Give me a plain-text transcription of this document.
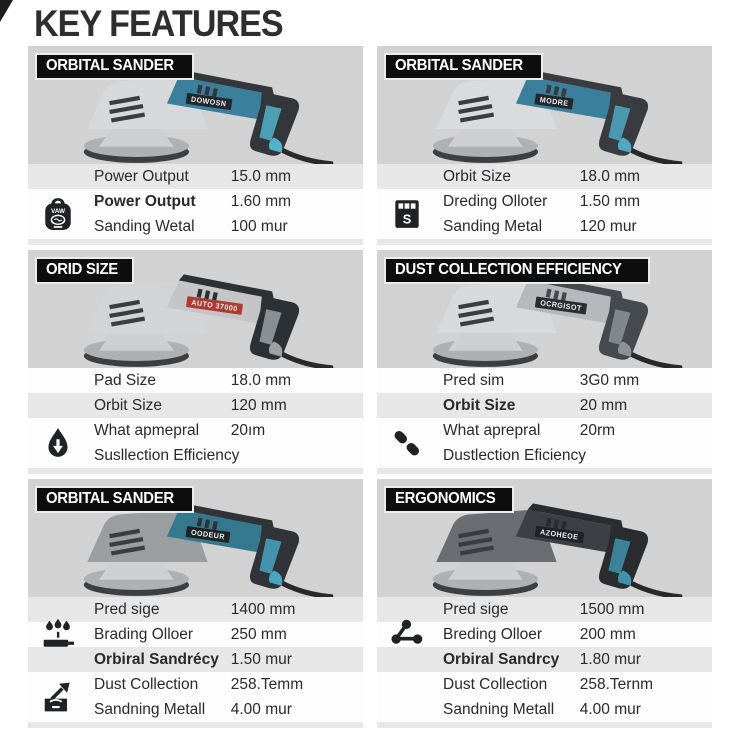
KEY FEATURES
ORBITAL SANDER
DOWOSN
Power Output	15.0 mm
Power Output	1.60 mm
Sanding Wetal	100 mur
ORBITAL SANDER
MODRE
Orbit Size	18.0 mm
Dreding Olloter	1.50 mm
Sanding Metal	120 mur
ORID SIZE
AUTO 37000
Pad Size	18.0 mm
Orbit Size	120 mm
What apmepral	20ım
Susllection Efficiency
DUST COLLECTION EFFICIENCY
OCRGISOT
Pred sim	3G0 mm
Orbit Size	20 mm
What aprepral	20rm
Dustlection Eficiency
ORBITAL SANDER
OODEUR
Pred sige	1400 mm
Brading Olloer	250 mm
Orbiral Sandrécy 1.50 mur
Dust Collection	258.Temm
Sandning Metall	4.00 mur
ERGONOMICS
AZOHEOE
Pred sige	1500 mm
Breding Olloer	200 mm
Orbiral Sandrcy	1.80 mur
Dust Collection	258.Ternm
Sandning Metall	4.00 mur
